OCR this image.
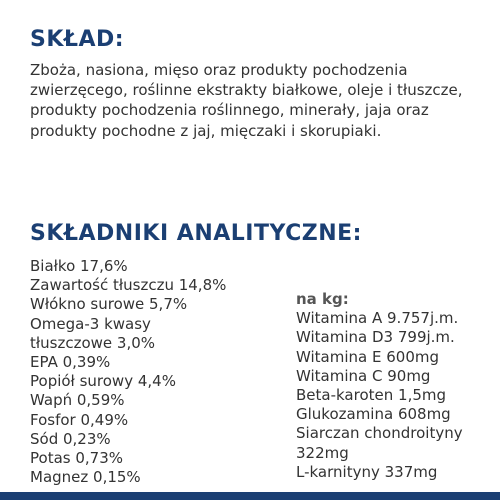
SKŁAD:

Zboża, nasiona, mięso oraz produkty pochodzenia zwierzęcego, roślinne ekstrakty białkowe, oleje i tłuszcze, produkty pochodzenia roślinnego, minerały, jaja oraz produkty pochodne z jaj, mięczaki i skorupiaki.

SKŁADNIKI ANALITYCZNE:
Białko 17,6%
Zawartość tłuszczu 14,8%
Włókno surowe 5,7%
Omega-3 kwasy
tłuszczowe 3,0%
EPA 0,39%
Popiół surowy 4,4%
Wapń 0,59%
Fosfor 0,49%
Sód 0,23%
Potas 0,73%
Magnez 0,15%
na kg:
Witamina A 9.757j.m.
Witamina D3 799j.m.
Witamina E 600mg
Witamina C 90mg
Beta-karoten 1,5mg
Glukozamina 608mg
Siarczan chondroityny
322mg
L-karnityny 337mg
